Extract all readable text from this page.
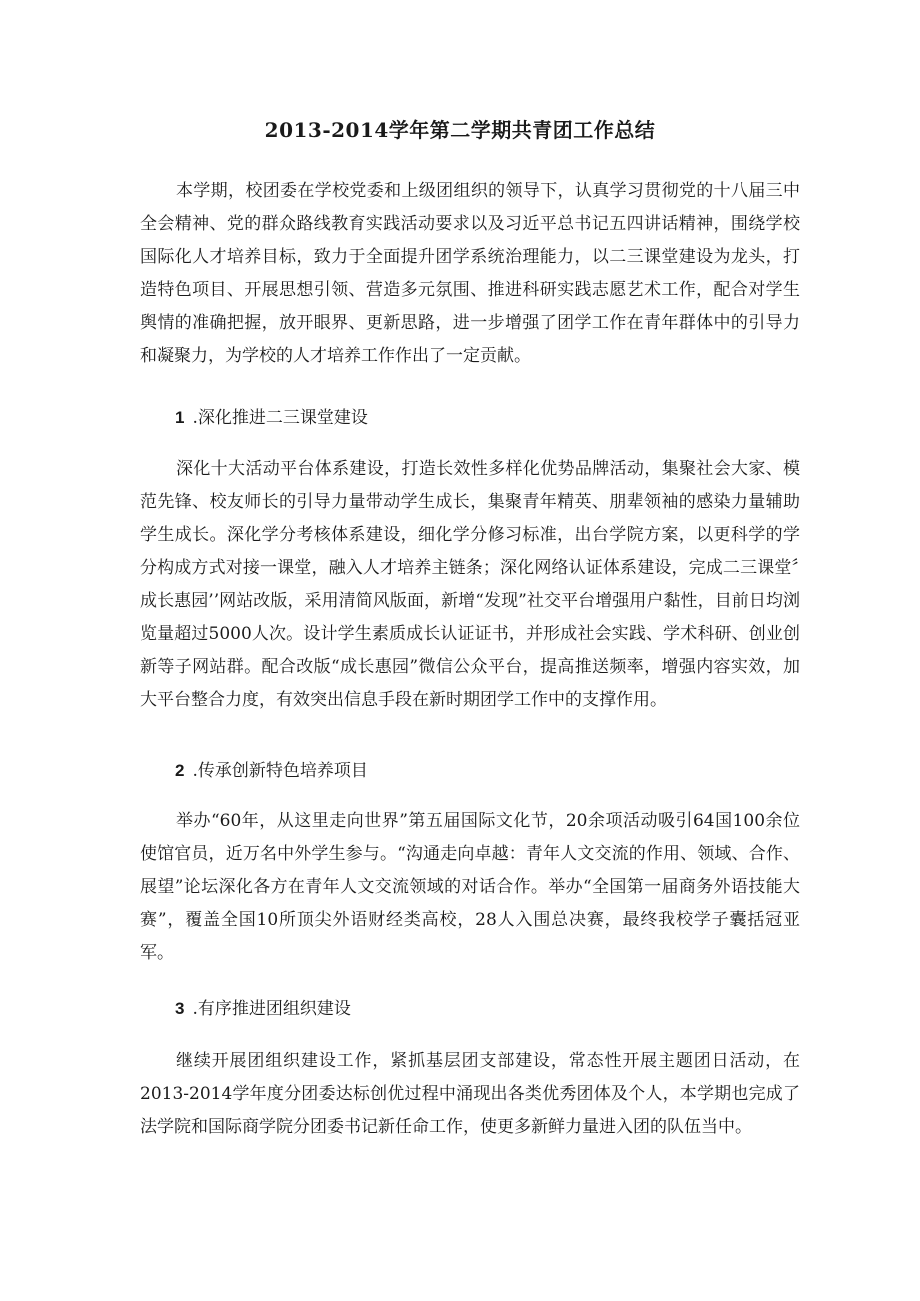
2013-2014学年第二学期共青团工作总结

本学期，校团委在学校党委和上级团组织的领导下，认真学习贯彻党的十八届三中全会精神、党的群众路线教育实践活动要求以及习近平总书记五四讲话精神，围绕学校国际化人才培养目标，致力于全面提升团学系统治理能力，以二三课堂建设为龙头，打造特色项目、开展思想引领、营造多元氛围、推进科研实践志愿艺术工作，配合对学生舆情的准确把握，放开眼界、更新思路，进一步增强了团学工作在青年群体中的引导力和凝聚力，为学校的人才培养工作作出了一定贡献。

1 .深化推进二三课堂建设

深化十大活动平台体系建设，打造长效性多样化优势品牌活动，集聚社会大家、模范先锋、校友师长的引导力量带动学生成长，集聚青年精英、朋辈领袖的感染力量辅助学生成长。深化学分考核体系建设，细化学分修习标准，出台学院方案，以更科学的学分构成方式对接一课堂，融入人才培养主链条；深化网络认证体系建设，完成二三课堂〞成长惠园’’网站改版，采用清简风版面，新增“发现”社交平台增强用户黏性，目前日均浏览量超过5000人次。设计学生素质成长认证证书，并形成社会实践、学术科研、创业创新等子网站群。配合改版“成长惠园”微信公众平台，提高推送频率，增强内容实效，加大平台整合力度，有效突出信息手段在新时期团学工作中的支撑作用。

2 .传承创新特色培养项目

举办“60年，从这里走向世界”第五届国际文化节，20余项活动吸引64国100余位使馆官员，近万名中外学生参与。“沟通走向卓越：青年人文交流的作用、领域、合作、展望”论坛深化各方在青年人文交流领域的对话合作。举办“全国第一届商务外语技能大赛”，覆盖全国10所顶尖外语财经类高校，28人入围总决赛，最终我校学子囊括冠亚军。

3 .有序推进团组织建设

继续开展团组织建设工作，紧抓基层团支部建设，常态性开展主题团日活动，在2013-2014学年度分团委达标创优过程中涌现出各类优秀团体及个人，本学期也完成了法学院和国际商学院分团委书记新任命工作，使更多新鲜力量进入团的队伍当中。
